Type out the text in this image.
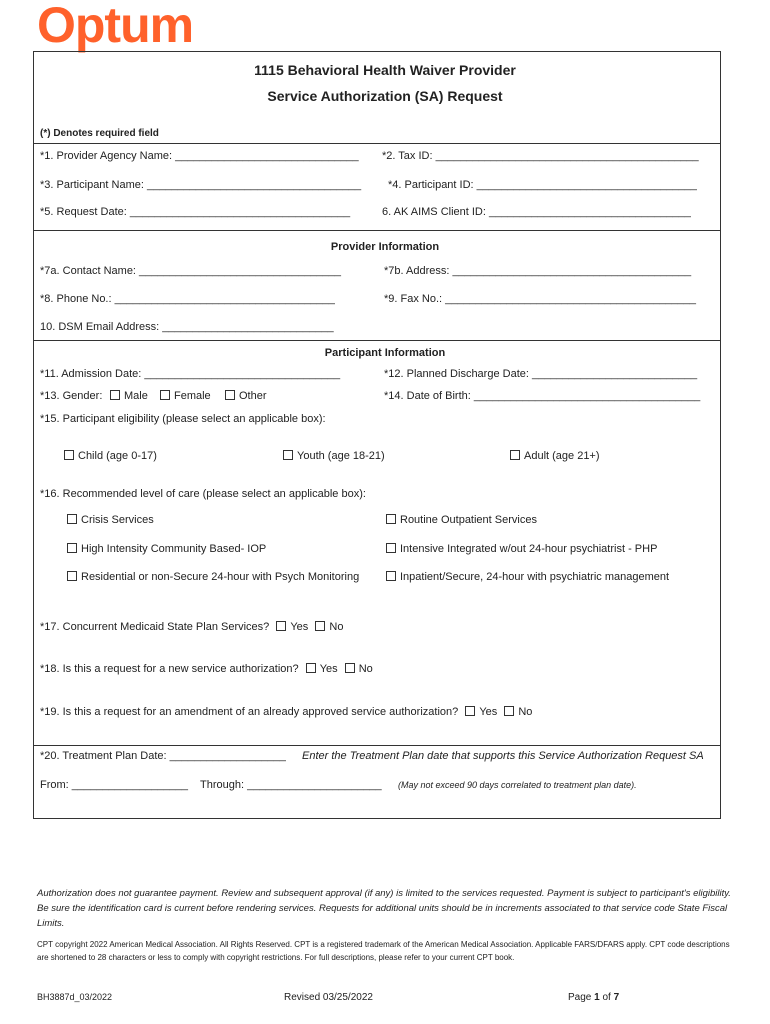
Optum
1115 Behavioral Health Waiver Provider
Service Authorization (SA) Request
(*) Denotes required field
*1. Provider Agency Name: ______________________________ *2. Tax ID: ___________________________________________
*3. Participant Name: ___________________________________ *4. Participant ID: ____________________________________
*5. Request Date: ____________________________________	6. AK AIMS Client ID: _________________________________
Provider Information
*7a. Contact Name: _________________________________	*7b. Address: _______________________________________
*8. Phone No.: ____________________________________	*9. Fax No.: _________________________________________
10. DSM Email Address: ____________________________
Participant Information
*11. Admission Date: ________________________________	*12. Planned Discharge Date: ___________________________
*13. Gender:	Male	Female	Other	*14. Date of Birth: _____________________________________
*15. Participant eligibility (please select an applicable box):
Child (age 0-17)	Youth (age 18-21)	Adult (age 21+)
*16. Recommended level of care (please select an applicable box):
Crisis Services	Routine Outpatient Services
High Intensity Community Based- IOP	Intensive Integrated w/out 24-hour psychiatrist - PHP
Residential or non-Secure 24-hour with Psych Monitoring	Inpatient/Secure, 24-hour with psychiatric management
*17. Concurrent Medicaid State Plan Services? Yes No
*18. Is this a request for a new service authorization? Yes No
*19. Is this a request for an amendment of an already approved service authorization? Yes No
*20. Treatment Plan Date: ___________________ Enter the Treatment Plan date that supports this Service Authorization Request SA
From: ___________________ Through: ______________________ (May not exceed 90 days correlated to treatment plan date).
Authorization does not guarantee payment. Review and subsequent approval (if any) is limited to the services requested. Payment is subject to participant's eligibility. Be sure the identification card is current before rendering services. Requests for additional units should be in increments associated to that service code State Fiscal Limits.
CPT copyright 2022 American Medical Association. All Rights Reserved. CPT is a registered trademark of the American Medical Association. Applicable FARS/DFARS apply. CPT code descriptions are shortened to 28 characters or less to comply with copyright restrictions. For full descriptions, please refer to your current CPT book.
BH3887d_03/2022	Revised 03/25/2022	Page 1 of 7
